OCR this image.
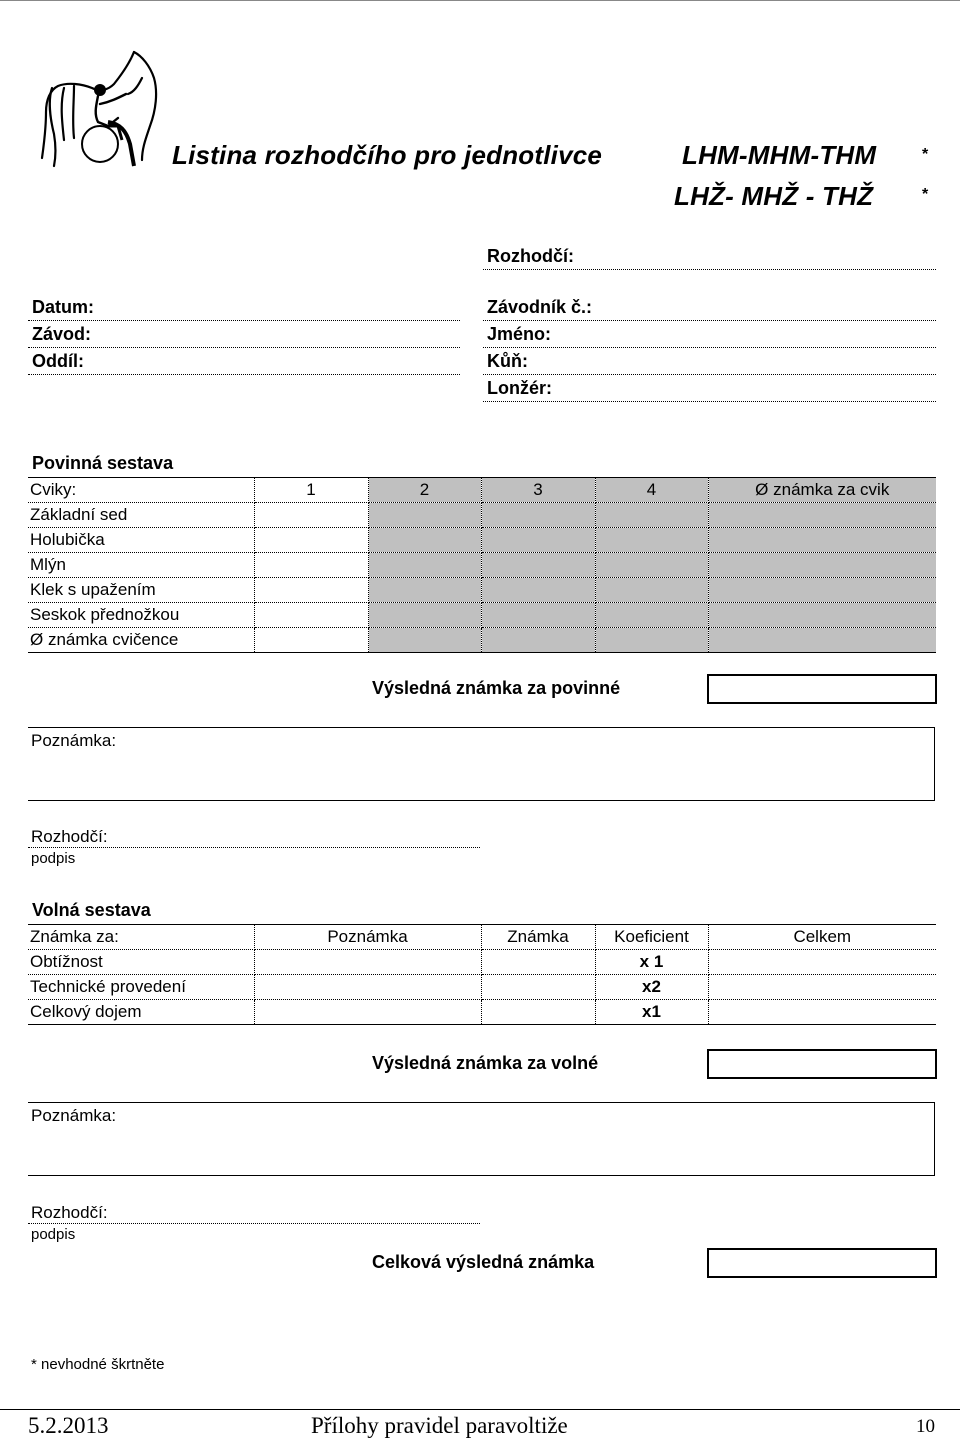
Listina rozhodčího pro jednotlivce	LHM-MHM-THM	*
LHŽ- MHŽ - THŽ	*
Rozhodčí:
Datum:
Závod:
Oddíl:
Závodník č.:
Jméno:
Kůň:
Lonžér:
Povinná sestava
Cviky:	1	2	3	4	Ø známka za cvik
Základní sed					
Holubička					
Mlýn					
Klek s upažením					
Seskok přednožkou					
Ø známka cvičence					
Výsledná známka za povinné
Poznámka:
Rozhodčí:
podpis
Volná sestava
Známka za:	Poznámka	Známka	Koeficient	Celkem
Obtížnost			x 1	
Technické provedení			x2	
Celkový dojem			x1	
Výsledná známka za volné
Poznámka:
Rozhodčí:
podpis
Celková výsledná známka
* nevhodné škrtněte
5.2.2013	Přílohy pravidel paravoltiže	10
